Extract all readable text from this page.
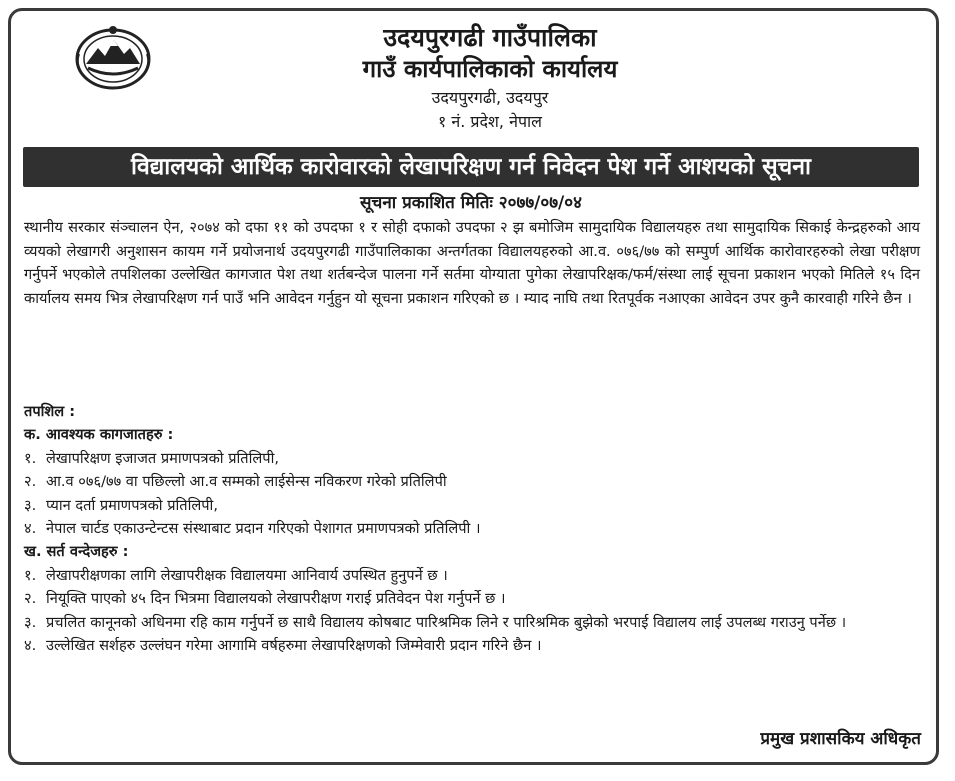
उदयपुरगढी गाउँपालिका
गाउँ कार्यपालिकाको कार्यालय
उदयपुरगढी, उदयपुर
१ नं. प्रदेश, नेपाल
विद्यालयको आर्थिक कारोवारको लेखापरिक्षण गर्न निवेदन पेश गर्ने आशयको सूचना
सूचना प्रकाशित मितिः २०७७/०७/०४
स्थानीय सरकार संञ्चालन ऐन, २०७४ को दफा ११ को उपदफा १ र सोही दफाको उपदफा २ झ बमोजिम सामुदायिक विद्यालयहरु तथा सामुदायिक सिकाई केन्द्रहरुको आय व्ययको लेखागरी अनुशासन कायम गर्ने प्रयोजनार्थ उदयपुरगढी गाउँपालिकाका अन्तर्गतका विद्यालयहरुको आ.व. ०७६/७७ को सम्पुर्ण आर्थिक कारोवारहरुको लेखा परीक्षण गर्नुपर्ने भएकोले तपशिलका उल्लेखित कागजात पेश तथा शर्तबन्देज पालना गर्ने सर्तमा योग्याता पुगेका लेखापरिक्षक/फर्म/संस्था लाई सूचना प्रकाशन भएको मितिले १५ दिन कार्यालय समय भित्र लेखापरिक्षण गर्न पाउँ भनि आवेदन गर्नुहुन यो सूचना प्रकाशन गरिएको छ । म्याद नाघि तथा रितपूर्वक नआएका आवेदन उपर कुनै कारवाही गरिने छैन ।
तपशिल :
क. आवश्यक कागजातहरु :
१. लेखापरिक्षण इजाजत प्रमाणपत्रको प्रतिलिपी,
२. आ.व ०७६/७७ वा पछिल्लो आ.व सम्मको लाईसेन्स नविकरण गरेको प्रतिलिपी
३. प्यान दर्ता प्रमाणपत्रको प्रतिलिपी,
४. नेपाल चार्टड एकाउन्टेन्टस संस्थाबाट प्रदान गरिएको पेशागत प्रमाणपत्रको प्रतिलिपी ।
ख. सर्त वन्देजहरु :
१. लेखापरीक्षणका लागि लेखापरीक्षक विद्यालयमा आनिवार्य उपस्थित हुनुपर्ने छ ।
२. नियूक्ति पाएको ४५ दिन भित्रमा विद्यालयको लेखापरीक्षण गराई प्रतिवेदन पेश गर्नुपर्ने छ ।
३. प्रचलित कानूनको अधिनमा रहि काम गर्नुपर्ने छ साथै विद्यालय कोषबाट पारिश्रमिक लिने र पारिश्रमिक बुझेको भरपाई विद्यालय लाई उपलब्ध गराउनु पर्नेछ ।
४. उल्लेखित सर्शहरु उल्लंघन गरेमा आगामि वर्षहरुमा लेखापरिक्षणको जिम्मेवारी प्रदान गरिने छैन ।
प्रमुख प्रशासकिय अधिकृत
